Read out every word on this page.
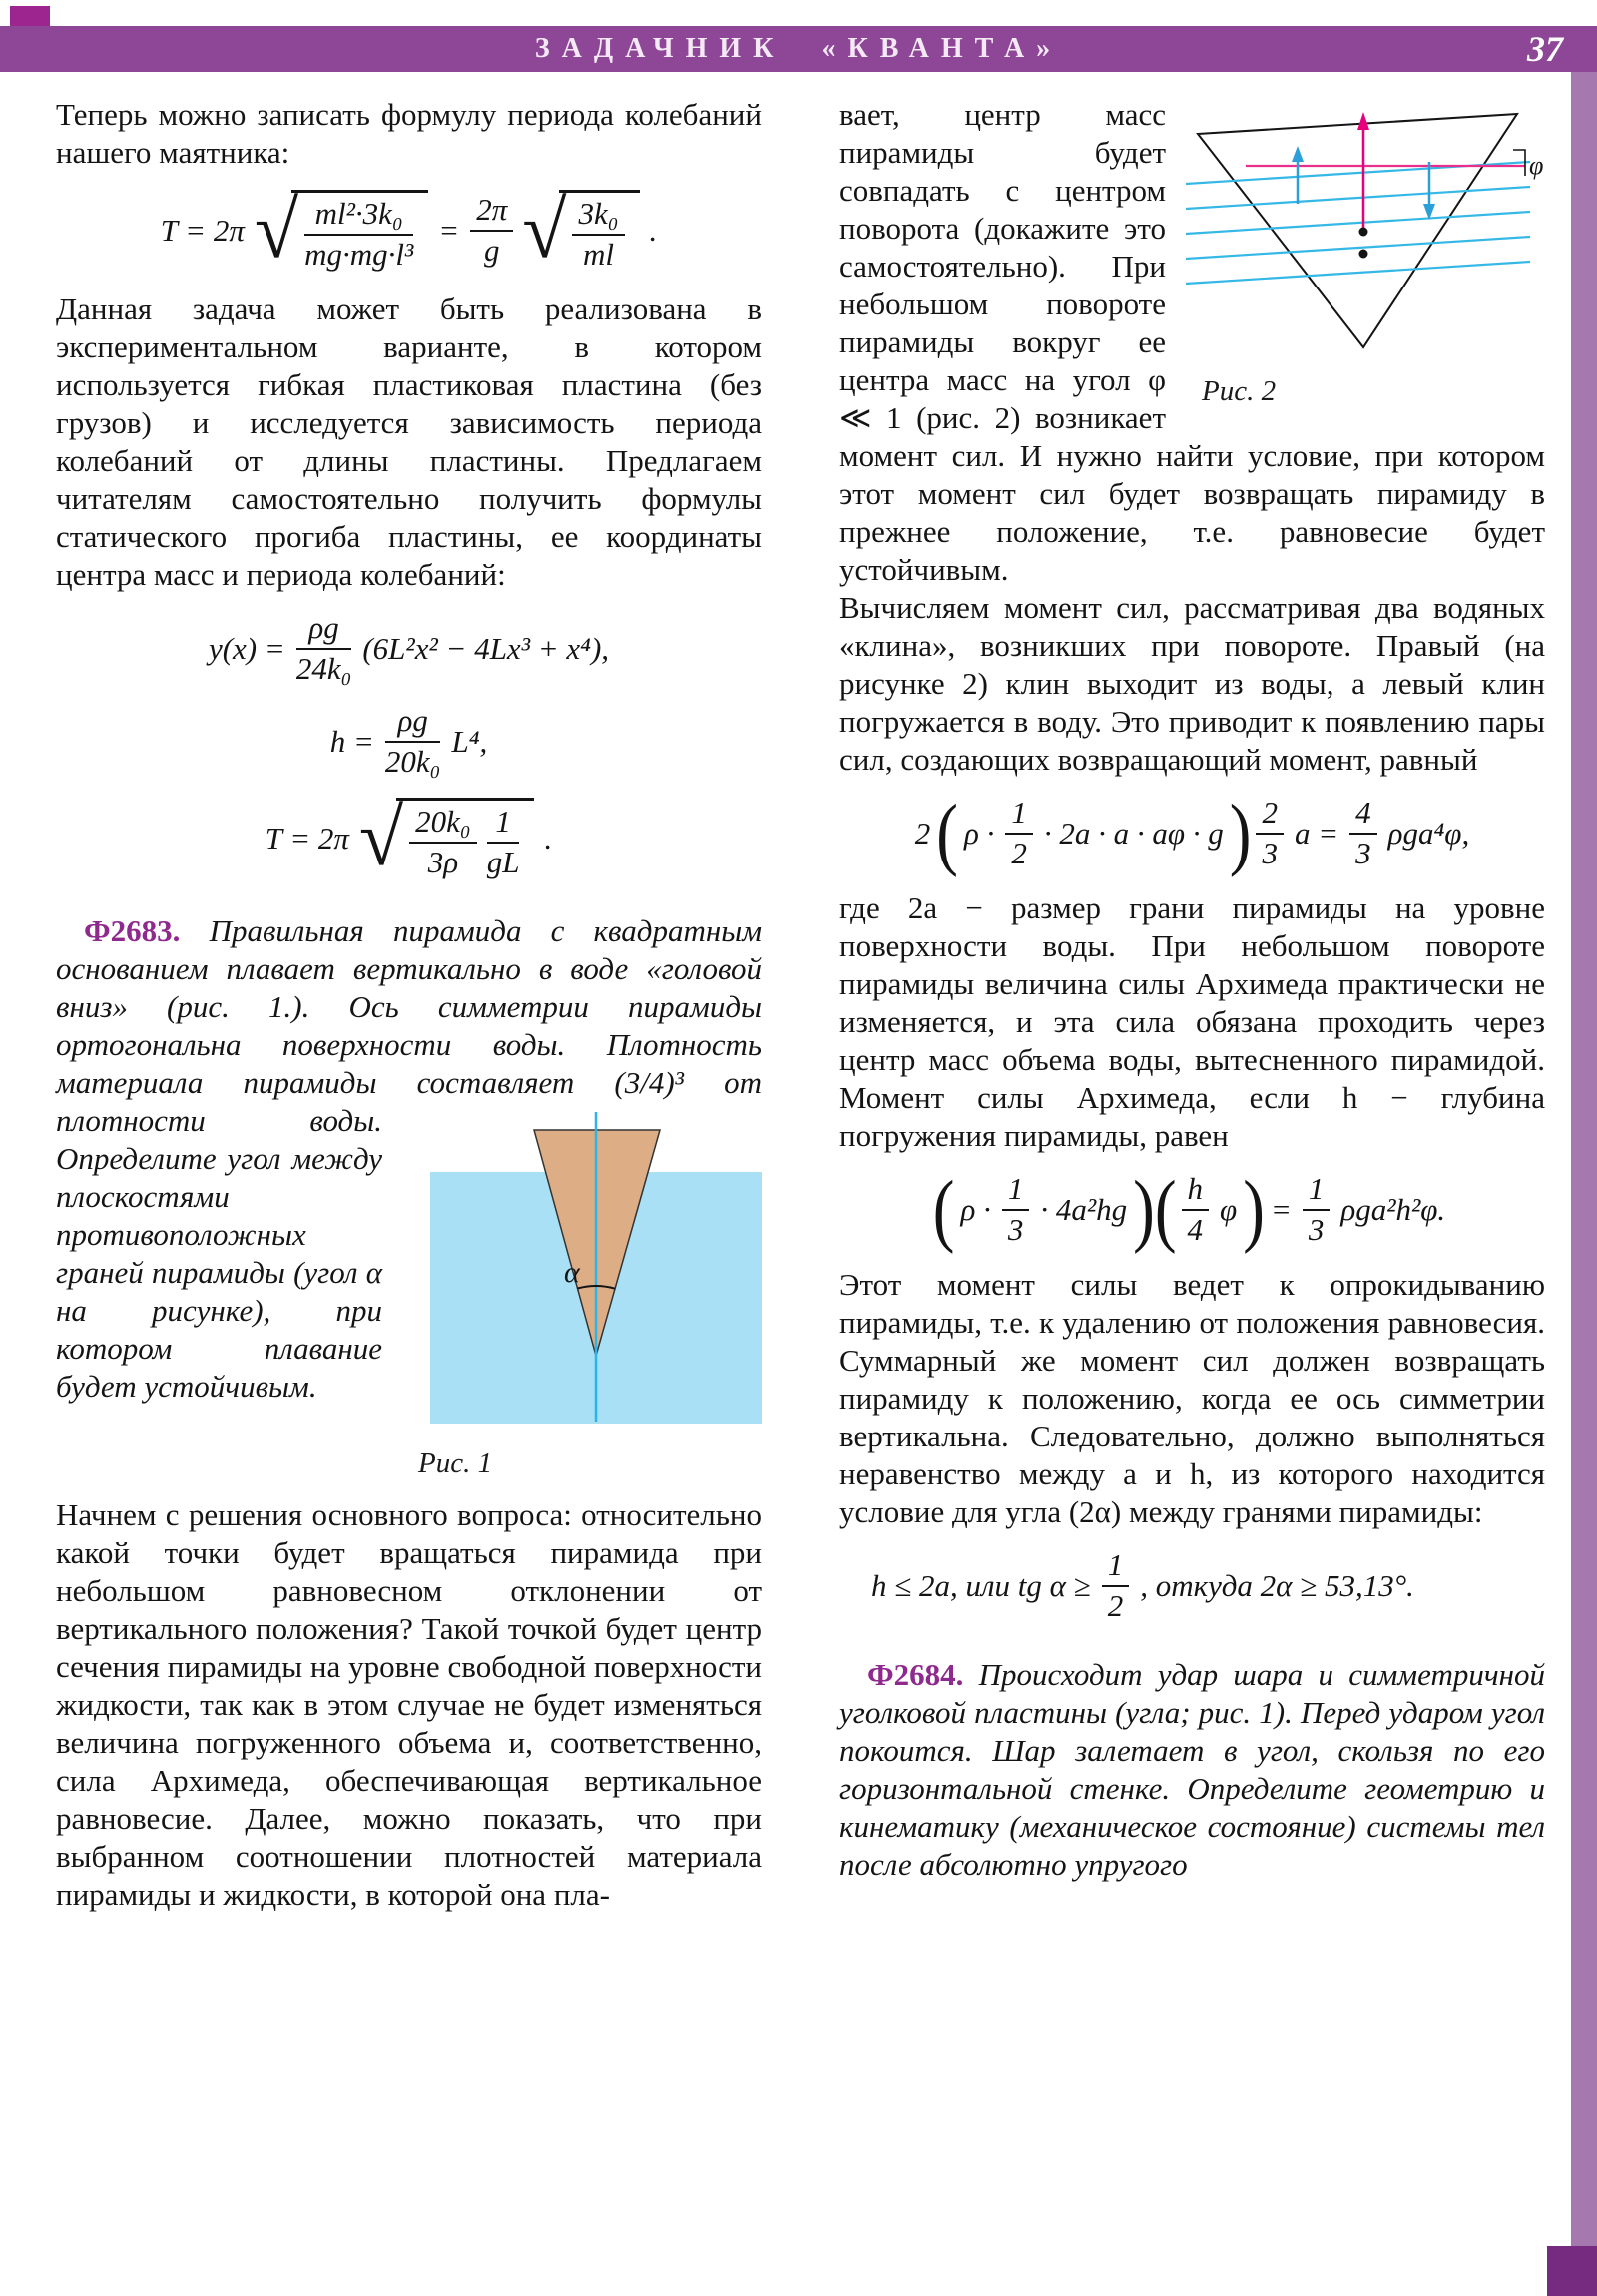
ЗАДАЧНИК «КВАНТА»	37

Теперь можно записать формулу периода колебаний нашего маятника:

T = 2π √ $\frac{\text{ml²·3k₀}}{\text{mg·mg·l³}} = \frac{2\pi}{g}$ √ $\frac{\text{3k₀}}{ml}$ .

Данная задача может быть реализована в экспериментальном варианте, в котором используется гибкая пластиковая пластина (без грузов) и исследуется зависимость периода колебаний от длины пластины. Предлагаем читателям самостоятельно получить формулы статического прогиба пластины, ее координаты центра масс и периода колебаний:

$y(x) = \frac{\rho g}{\text{24k₀}} (6L^2x^2 - 4Lx^3 + x^4)$,
$h = \frac{\rho g}{\text{20k₀}} L^4$,
T = 2π √ $\frac{\text{20k₀}}{3\rho} \frac{1}{gL}$ .

Ф2683. Правильная пирамида с квадратным основанием плавает вертикально в воде «головой вниз» (рис. 1.). Ось симметрии пирамиды ортогональна поверхности воды. Плотность материала пирамиды составляет (3/4)³ от плотности
α
Рис. 1
воды. Определите угол между плоскостями противоположных граней пирамиды (угол α на рисунке), при котором плавание будет устойчивым.

Начнем с решения основного вопроса: относительно какой точки будет вращаться пирамида при небольшом равновесном отклонении от вертикального положения? Такой точкой будет центр сечения пирамиды на уровне свободной поверхности жидкости, так как в этом случае не будет изменяться величина погруженного объема и, соответственно, сила Архимеда, обеспечивающая вертикальное равновесие. Далее, можно показать, что при выбранном соотношении плотностей материала пирамиды и жидкости, в которой она пла-

φ
Рис. 2
вает, центр масс пирамиды будет совпадать с центром поворота (докажите это самостоятельно). При небольшом повороте пирамиды вокруг ее центра масс на угол φ ≪ 1 (рис. 2) возникает момент сил. И нужно найти условие, при котором этот момент сил будет возвращать пирамиду в прежнее положение, т.е. равновесие будет устойчивым.

Вычисляем момент сил, рассматривая два водяных «клина», возникших при повороте. Правый (на рисунке 2) клин выходит из воды, а левый клин погружается в воду. Это приводит к появлению пары сил, создающих возвращающий момент, равный

2( $\rho \cdot \frac{1}{2} \cdot 2a \cdot a \cdot a\varphi \cdot g) \frac{2}{3}$ $a = \frac{4}{3} \rho ga^4\varphi$,

где 2a − размер грани пирамиды на уровне поверхности воды. При небольшом повороте пирамиды величина силы Архимеда практически не изменяется, и эта сила обязана проходить через центр масс объема воды, вытесненного пирамидой. Момент силы Архимеда, если h − глубина погружения пирамиды, равен

( $\rho \cdot \frac{1}{3} \cdot 4a^2hg)( \frac{h}{4} \varphi) = \frac{1}{3} \rho ga^2h^2\varphi$.

Этот момент силы ведет к опрокидыванию пирамиды, т.е. к удалению от положения равновесия. Суммарный же момент сил должен возвращать пирамиду к положению, когда ее ось симметрии вертикальна. Следовательно, должно выполняться неравенство между a и h, из которого находится условие для угла (2α) между гранями пирамиды:

h ≤ 2a, или tg $\alpha \ge \frac{1}{2}$ , откуда 2α ≥ 53,13°.

Ф2684. Происходит удар шара и симметричной уголковой пластины (угла; рис. 1). Перед ударом угол покоится. Шар залетает в угол, скользя по его горизонтальной стенке. Определите геометрию и кинематику (механическое состояние) системы тел после абсолютно упругого
